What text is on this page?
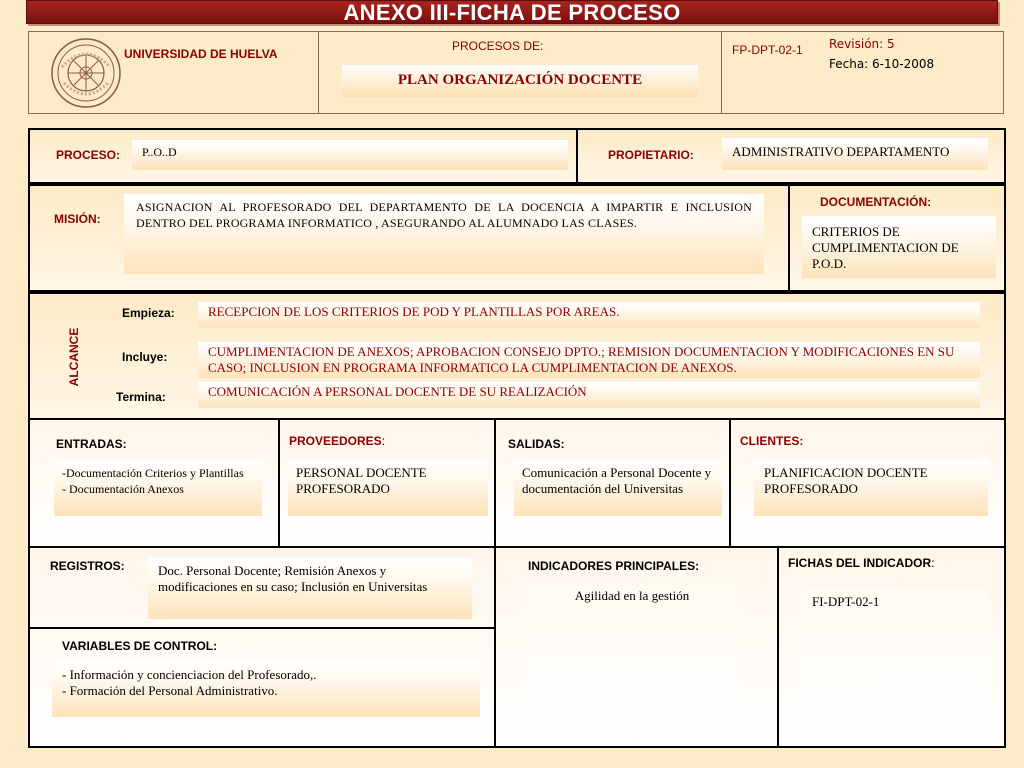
ANEXO III-FICHA DE PROCESO
UNIVERSIDAD DE HUELVA
PROCESOS DE:
PLAN ORGANIZACIÓN DOCENTE
FP-DPT-02-1 Revisión: 5
Fecha: 6-10-2008
PROCESO: P..O..D	PROPIETARIO:	ADMINISTRATIVO DEPARTAMENTO
MISIÓN:
ASIGNACION AL PROFESORADO DEL DEPARTAMENTO DE LA DOCENCIA A IMPARTIR E INCLUSION DENTRO DEL PROGRAMA INFORMATICO , ASEGURANDO AL ALUMNADO LAS CLASES.
DOCUMENTACIÓN:
CRITERIOS DE CUMPLIMENTACION DE P.O.D.
ALCANCE
Empieza:	RECEPCION DE LOS CRITERIOS DE POD Y PLANTILLAS POR AREAS.
Incluye:	CUMPLIMENTACION DE ANEXOS; APROBACION CONSEJO DPTO.; REMISION DOCUMENTACION Y MODIFICACIONES EN SU CASO; INCLUSION EN PROGRAMA INFORMATICO LA CUMPLIMENTACION DE ANEXOS.
Termina:	COMUNICACIÓN A PERSONAL DOCENTE DE SU REALIZACIÓN
ENTRADAS:
-Documentación Criterios y Plantillas
- Documentación Anexos
PROVEEDORES:
PERSONAL DOCENTE PROFESORADO
SALIDAS:
Comunicación a Personal Docente y documentación del Universitas
CLIENTES:
PLANIFICACION DOCENTE PROFESORADO
REGISTROS:	Doc. Personal Docente; Remisión Anexos y modificaciones en su caso; Inclusión en Universitas
VARIABLES DE CONTROL:
- Información y concienciacion del Profesorado,.
- Formación del Personal Administrativo.
INDICADORES PRINCIPALES:
Agilidad en la gestión
FICHAS DEL INDICADOR:
FI-DPT-02-1
